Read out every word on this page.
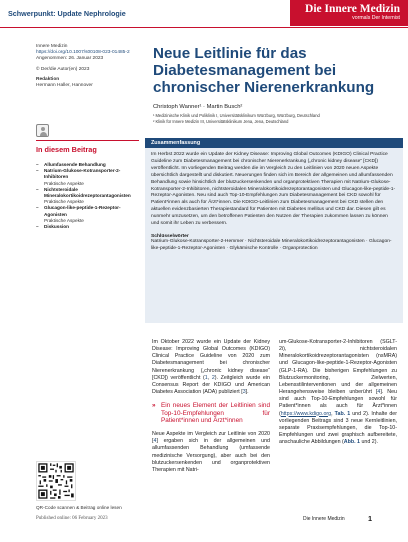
Schwerpunkt: Update Nephrologie	Die Innere Medizin
vormals Der Internist
Innere Medizin
https://doi.org/10.1007/s00108-023-01485-2
Angenommen: 26. Januar 2023
© Der/die Autor(en) 2023
Redaktion
Hermann Haller, Hannover
Neue Leitlinie für das Diabetesmanagement bei chronischer Nierenerkrankung
Christoph Wanner¹ · Martin Busch²
¹ Medizinische Klinik und Poliklinik I, Universitätsklinikum Würzburg, Würzburg, Deutschland
² Klinik für Innere Medizin III, Universitätsklinikum Jena, Jena, Deutschland
In diesem Beitrag
– Allumfassende Behandlung
– Natrium-Glukose-Kotransporter-2-Inhibitoren
Praktische Aspekte
– Nichtsteroidale Mineralokortikoidrezeptorantagonisten
Praktische Aspekte
– Glucagon-like-peptide-1-Rezeptor-Agonisten
Praktische Aspekte
– Diskussion
Zusammenfassung

Im Herbst 2022 wurde ein Update der Kidney Disease: Improving Global Outcomes (KDIGO) Clinical Practice Guideline zum Diabetesmanagement bei chronischer Nierenerkrankung („chronic kidney disease“ [CKD]) veröffentlicht. Im vorliegenden Beitrag werden die im Vergleich zu den Leitlinien von 2020 neuen Aspekte übersichtlich dargestellt und diskutiert. Neuerungen finden sich im Bereich der allgemeinen und allumfassenden Behandlung sowie hinsichtlich der blutzuckersenkenden und organprotektiven Therapien mit Natrium-Glukose-Kotransporter-2-Inhibitoren, nichtsteroidalen Mineralokortikoidrezeptorantagonisten und Glucagon-like-peptide-1-Rezeptor-Agonisten. Neu sind auch Top-10-Empfehlungen zum Diabetesmanagement bei CKD sowohl für Patient*innen als auch für Ärzt*innen. Die KDIGO-Leitlinien zum Diabetesmanagement bei CKD stellen den aktuellen evidenzbasierten Therapiestandard für Patienten mit Diabetes mellitus und CKD dar. Diesen gilt es nunmehr umzusetzen, um den betroffenen Patienten den Nutzen der Therapien zukommen lassen zu können und somit ihr Leben zu verbessern.

Schlüsselwörter

Natrium-Glukose-Kotransporter-2-Hemmer · Nichtsteroidale Mineralokortikoidrezeptorantagonisten · Glucagon-like-peptide-1-Rezeptor-Agonisten · Glykämische Kontrolle · Organprotection

Im Oktober 2022 wurde ein Update der Kidney Disease: Improving Global Outcomes (KDIGO) Clinical Practice Guideline von 2020 zum Diabetesmanagement bei chronischer Nierenerkrankung („chronic kidney disease“ [CKD]) veröffentlicht (1, 2). Zeitgleich wurde ein Consensus Report der KDIGO und American Diabetes Association (ADA) publiziert [3].

» Ein neues Element der Leitlinien sind Top-10-Empfehlungen für Patient*innen und Ärzt*innen

Neue Aspekte im Vergleich zur Leitlinie von 2020 [4] ergaben sich in der allgemeinen und allumfassenden Behandlung (umfassende medizinische Versorgung), aber auch bei den blutzuckersenkenden und organprotektiven Therapien mit Natri-

um-Glukose-Kotransporter-2-Inhibitoren (SGLT-2i), nichtsteroidalen Mineralokortikoidrezeptorantagonisten (nsMRA) und Glucagon-like-peptide-1-Rezeptor-Agonisten (GLP-1-RA). Die bisherigen Empfehlungen zu Blutzuckermonitoring, Zielwerten, Lebensstilinterventionen und der allgemeinen Herangehensweise bleiben unberührt [4]. Neu sind auch Top-10-Empfehlungen sowohl für Patient*innen als auch für Ärzt*innen (https://www.kdigo.org, Tab. 1 und 2). Inhalte der vorliegenden Beitrags sind 3 neue Kernleitlinien, separate Praxisempfehlungen, die Top-10-Empfehlungen und zwei graphisch aufbereitete, anschauliche Abbildungen (Abb. 1 und 2).

QR-Code scannen & Beitrag online lesen
Published online: 06 February 2023	Die Innere Medizin	1
